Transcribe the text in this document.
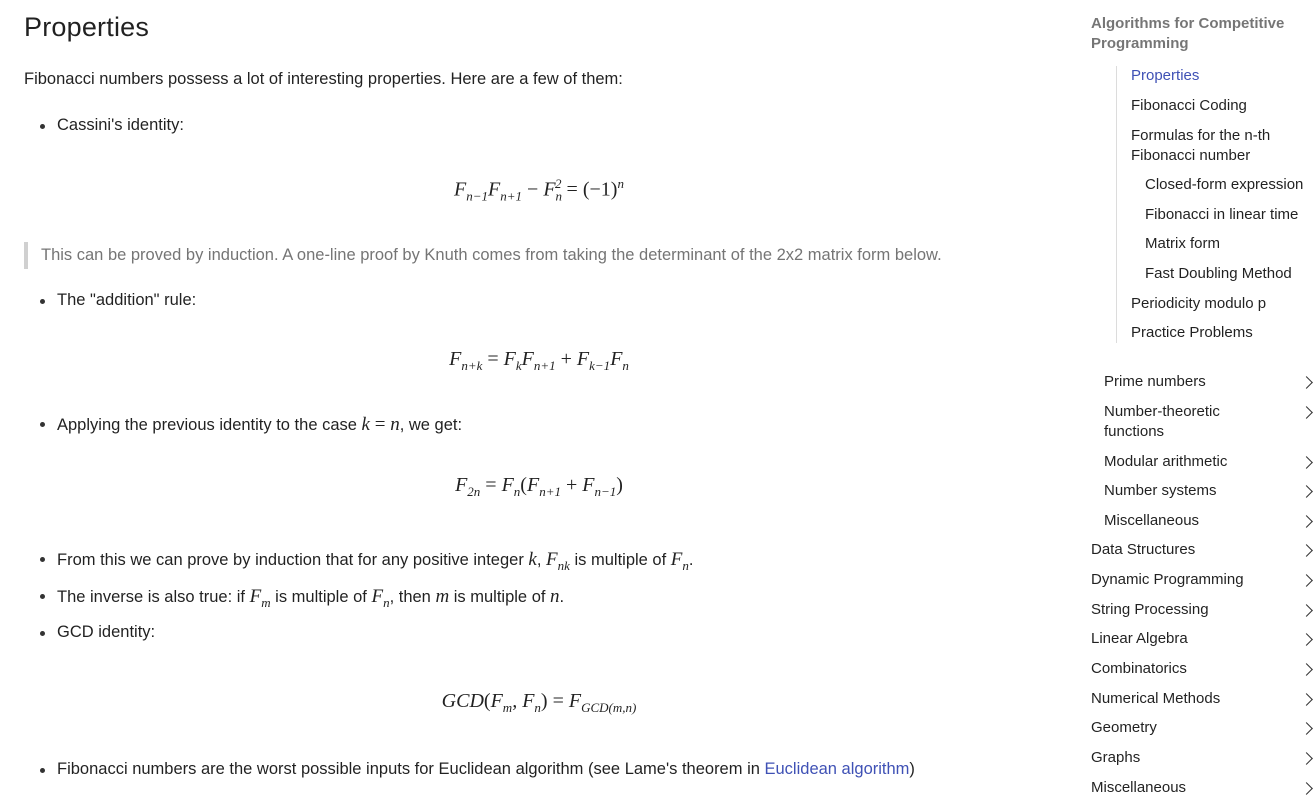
Properties
Fibonacci numbers possess a lot of interesting properties. Here are a few of them:
Cassini's identity:
$F_{n-1}F_{n+1} - F_n^2 = (-1)^n$
This can be proved by induction. A one-line proof by Knuth comes from taking the determinant of the 2x2 matrix form below.
The "addition" rule:
$F_{n+k} = F_kF_{n+1} + F_{k-1}F_n$
Applying the previous identity to the case k = n, we get:
$F_{2n} = F_n(F_{n+1} + F_{n-1})$
From this we can prove by induction that for any positive integer k, $F_{nk}$ is multiple of $F_n$.
The inverse is also true: if $F_m$ is multiple of $F_n$, then m is multiple of n.
GCD identity:
$GCD(F_m$, $F_n) = F_{GCD(m,n)}$
Fibonacci numbers are the worst possible inputs for Euclidean algorithm (see Lame's theorem in Euclidean algorithm)
Algorithms for Competitive Programming
Properties
Fibonacci Coding
Formulas for the n-th Fibonacci number
Closed-form expression
Fibonacci in linear time
Matrix form
Fast Doubling Method
Periodicity modulo p
Practice Problems
Prime numbers
Number-theoretic functions
Modular arithmetic
Number systems
Miscellaneous
Data Structures
Dynamic Programming
String Processing
Linear Algebra
Combinatorics
Numerical Methods
Geometry
Graphs
Miscellaneous
